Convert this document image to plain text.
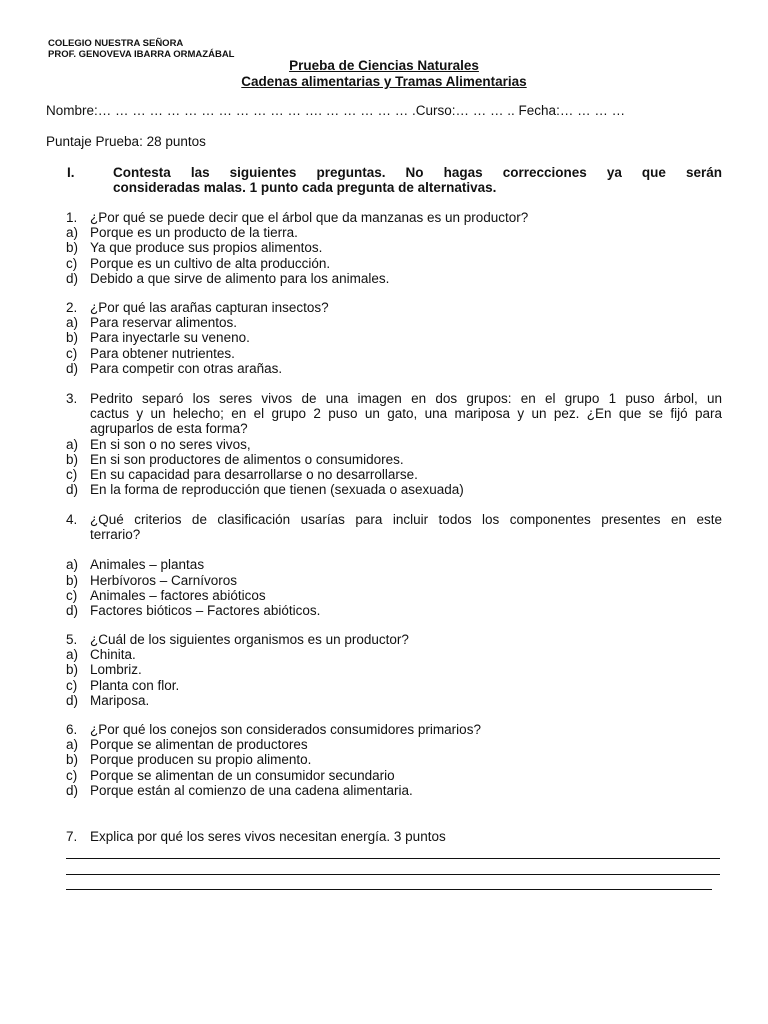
COLEGIO NUESTRA SEÑORA
PROF. GENOVEVA IBARRA ORMAZÁBAL
Prueba de Ciencias Naturales
Cadenas alimentarias y Tramas Alimentarias
Nombre:… … … … … … … … … … … … …. … … … … … .Curso:… … … .. Fecha:… … … …
Puntaje Prueba: 28 puntos
I.	Contesta las siguientes preguntas. No hagas correcciones ya que serán
consideradas malas. 1 punto cada pregunta de alternativas.
1. ¿Por qué se puede decir que el árbol que da manzanas es un productor?
a) Porque es un producto de la tierra.
b) Ya que produce sus propios alimentos.
c) Porque es un cultivo de alta producción.
d) Debido a que sirve de alimento para los animales.
2. ¿Por qué las arañas capturan insectos?
a) Para reservar alimentos.
b) Para inyectarle su veneno.
c) Para obtener nutrientes.
d) Para competir con otras arañas.
3. Pedrito separó los seres vivos de una imagen en dos grupos: en el grupo 1 puso árbol, un
cactus y un helecho; en el grupo 2 puso un gato, una mariposa y un pez. ¿En que se fijó para
agruparlos de esta forma?
a) En si son o no seres vivos,
b) En si son productores de alimentos o consumidores.
c) En su capacidad para desarrollarse o no desarrollarse.
d) En la forma de reproducción que tienen (sexuada o asexuada)
4. ¿Qué criterios de clasificación usarías para incluir todos los componentes presentes en este
terrario?
a) Animales – plantas
b) Herbívoros – Carnívoros
c) Animales – factores abióticos
d) Factores bióticos – Factores abióticos.
5. ¿Cuál de los siguientes organismos es un productor?
a) Chinita.
b) Lombriz.
c) Planta con flor.
d) Mariposa.
6. ¿Por qué los conejos son considerados consumidores primarios?
a) Porque se alimentan de productores
b) Porque producen su propio alimento.
c) Porque se alimentan de un consumidor secundario
d) Porque están al comienzo de una cadena alimentaria.
7. Explica por qué los seres vivos necesitan energía. 3 puntos
